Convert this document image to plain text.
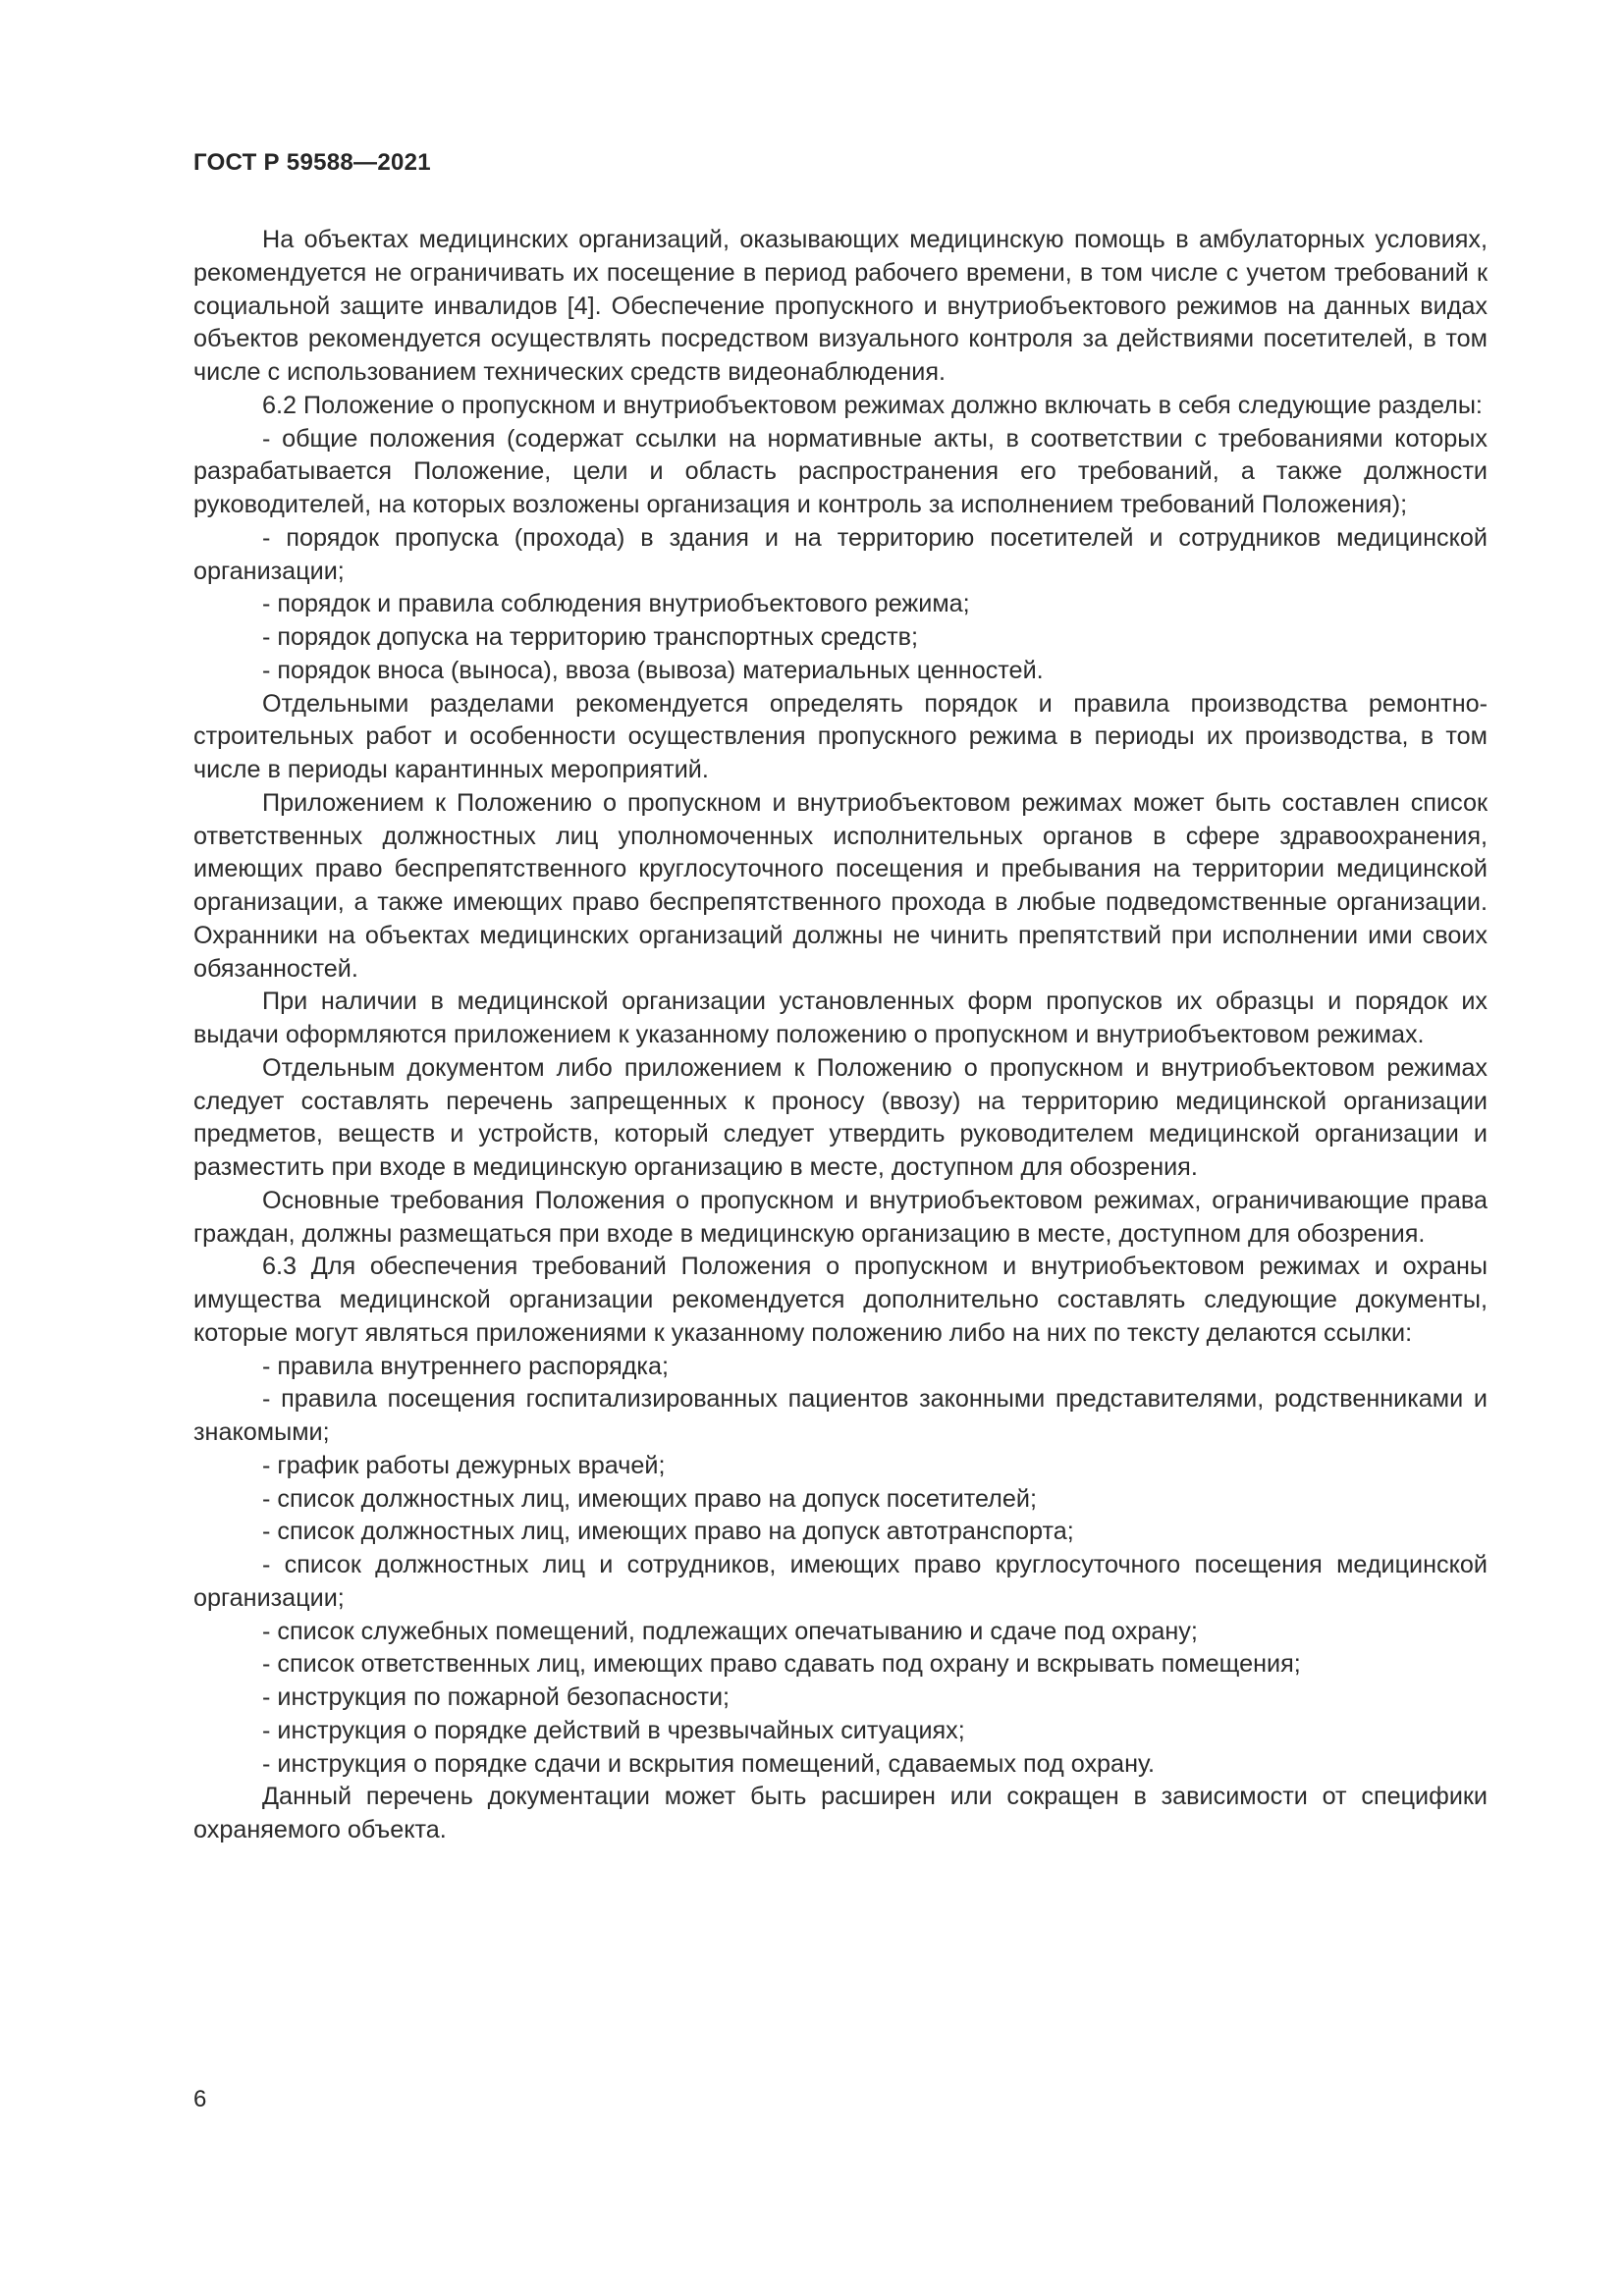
ГОСТ Р 59588—2021

На объектах медицинских организаций, оказывающих медицинскую помощь в амбулаторных условиях, рекомендуется не ограничивать их посещение в период рабочего времени, в том числе с учетом требований к социальной защите инвалидов [4]. Обеспечение пропускного и внутриобъектового режимов на данных видах объектов рекомендуется осуществлять посредством визуального контроля за действиями посетителей, в том числе с использованием технических средств видеонаблюдения.

6.2 Положение о пропускном и внутриобъектовом режимах должно включать в себя следующие разделы:

- общие положения (содержат ссылки на нормативные акты, в соответствии с требованиями которых разрабатывается Положение, цели и область распространения его требований, а также должности руководителей, на которых возложены организация и контроль за исполнением требований Положения);

- порядок пропуска (прохода) в здания и на территорию посетителей и сотрудников медицинской организации;

- порядок и правила соблюдения внутриобъектового режима;

- порядок допуска на территорию транспортных средств;

- порядок вноса (выноса), ввоза (вывоза) материальных ценностей.

Отдельными разделами рекомендуется определять порядок и правила производства ремонтно-строительных работ и особенности осуществления пропускного режима в периоды их производства, в том числе в периоды карантинных мероприятий.

Приложением к Положению о пропускном и внутриобъектовом режимах может быть составлен список ответственных должностных лиц уполномоченных исполнительных органов в сфере здравоохранения, имеющих право беспрепятственного круглосуточного посещения и пребывания на территории медицинской организации, а также имеющих право беспрепятственного прохода в любые подведомственные организации. Охранники на объектах медицинских организаций должны не чинить препятствий при исполнении ими своих обязанностей.

При наличии в медицинской организации установленных форм пропусков их образцы и порядок их выдачи оформляются приложением к указанному положению о пропускном и внутриобъектовом режимах.

Отдельным документом либо приложением к Положению о пропускном и внутриобъектовом режимах следует составлять перечень запрещенных к проносу (ввозу) на территорию медицинской организации предметов, веществ и устройств, который следует утвердить руководителем медицинской организации и разместить при входе в медицинскую организацию в месте, доступном для обозрения.

Основные требования Положения о пропускном и внутриобъектовом режимах, ограничивающие права граждан, должны размещаться при входе в медицинскую организацию в месте, доступном для обозрения.

6.3 Для обеспечения требований Положения о пропускном и внутриобъектовом режимах и охраны имущества медицинской организации рекомендуется дополнительно составлять следующие документы, которые могут являться приложениями к указанному положению либо на них по тексту делаются ссылки:

- правила внутреннего распорядка;

- правила посещения госпитализированных пациентов законными представителями, родственниками и знакомыми;

- график работы дежурных врачей;

- список должностных лиц, имеющих право на допуск посетителей;

- список должностных лиц, имеющих право на допуск автотранспорта;

- список должностных лиц и сотрудников, имеющих право круглосуточного посещения медицинской организации;

- список служебных помещений, подлежащих опечатыванию и сдаче под охрану;

- список ответственных лиц, имеющих право сдавать под охрану и вскрывать помещения;

- инструкция по пожарной безопасности;

- инструкция о порядке действий в чрезвычайных ситуациях;

- инструкция о порядке сдачи и вскрытия помещений, сдаваемых под охрану.

Данный перечень документации может быть расширен или сокращен в зависимости от специфики охраняемого объекта.

6
